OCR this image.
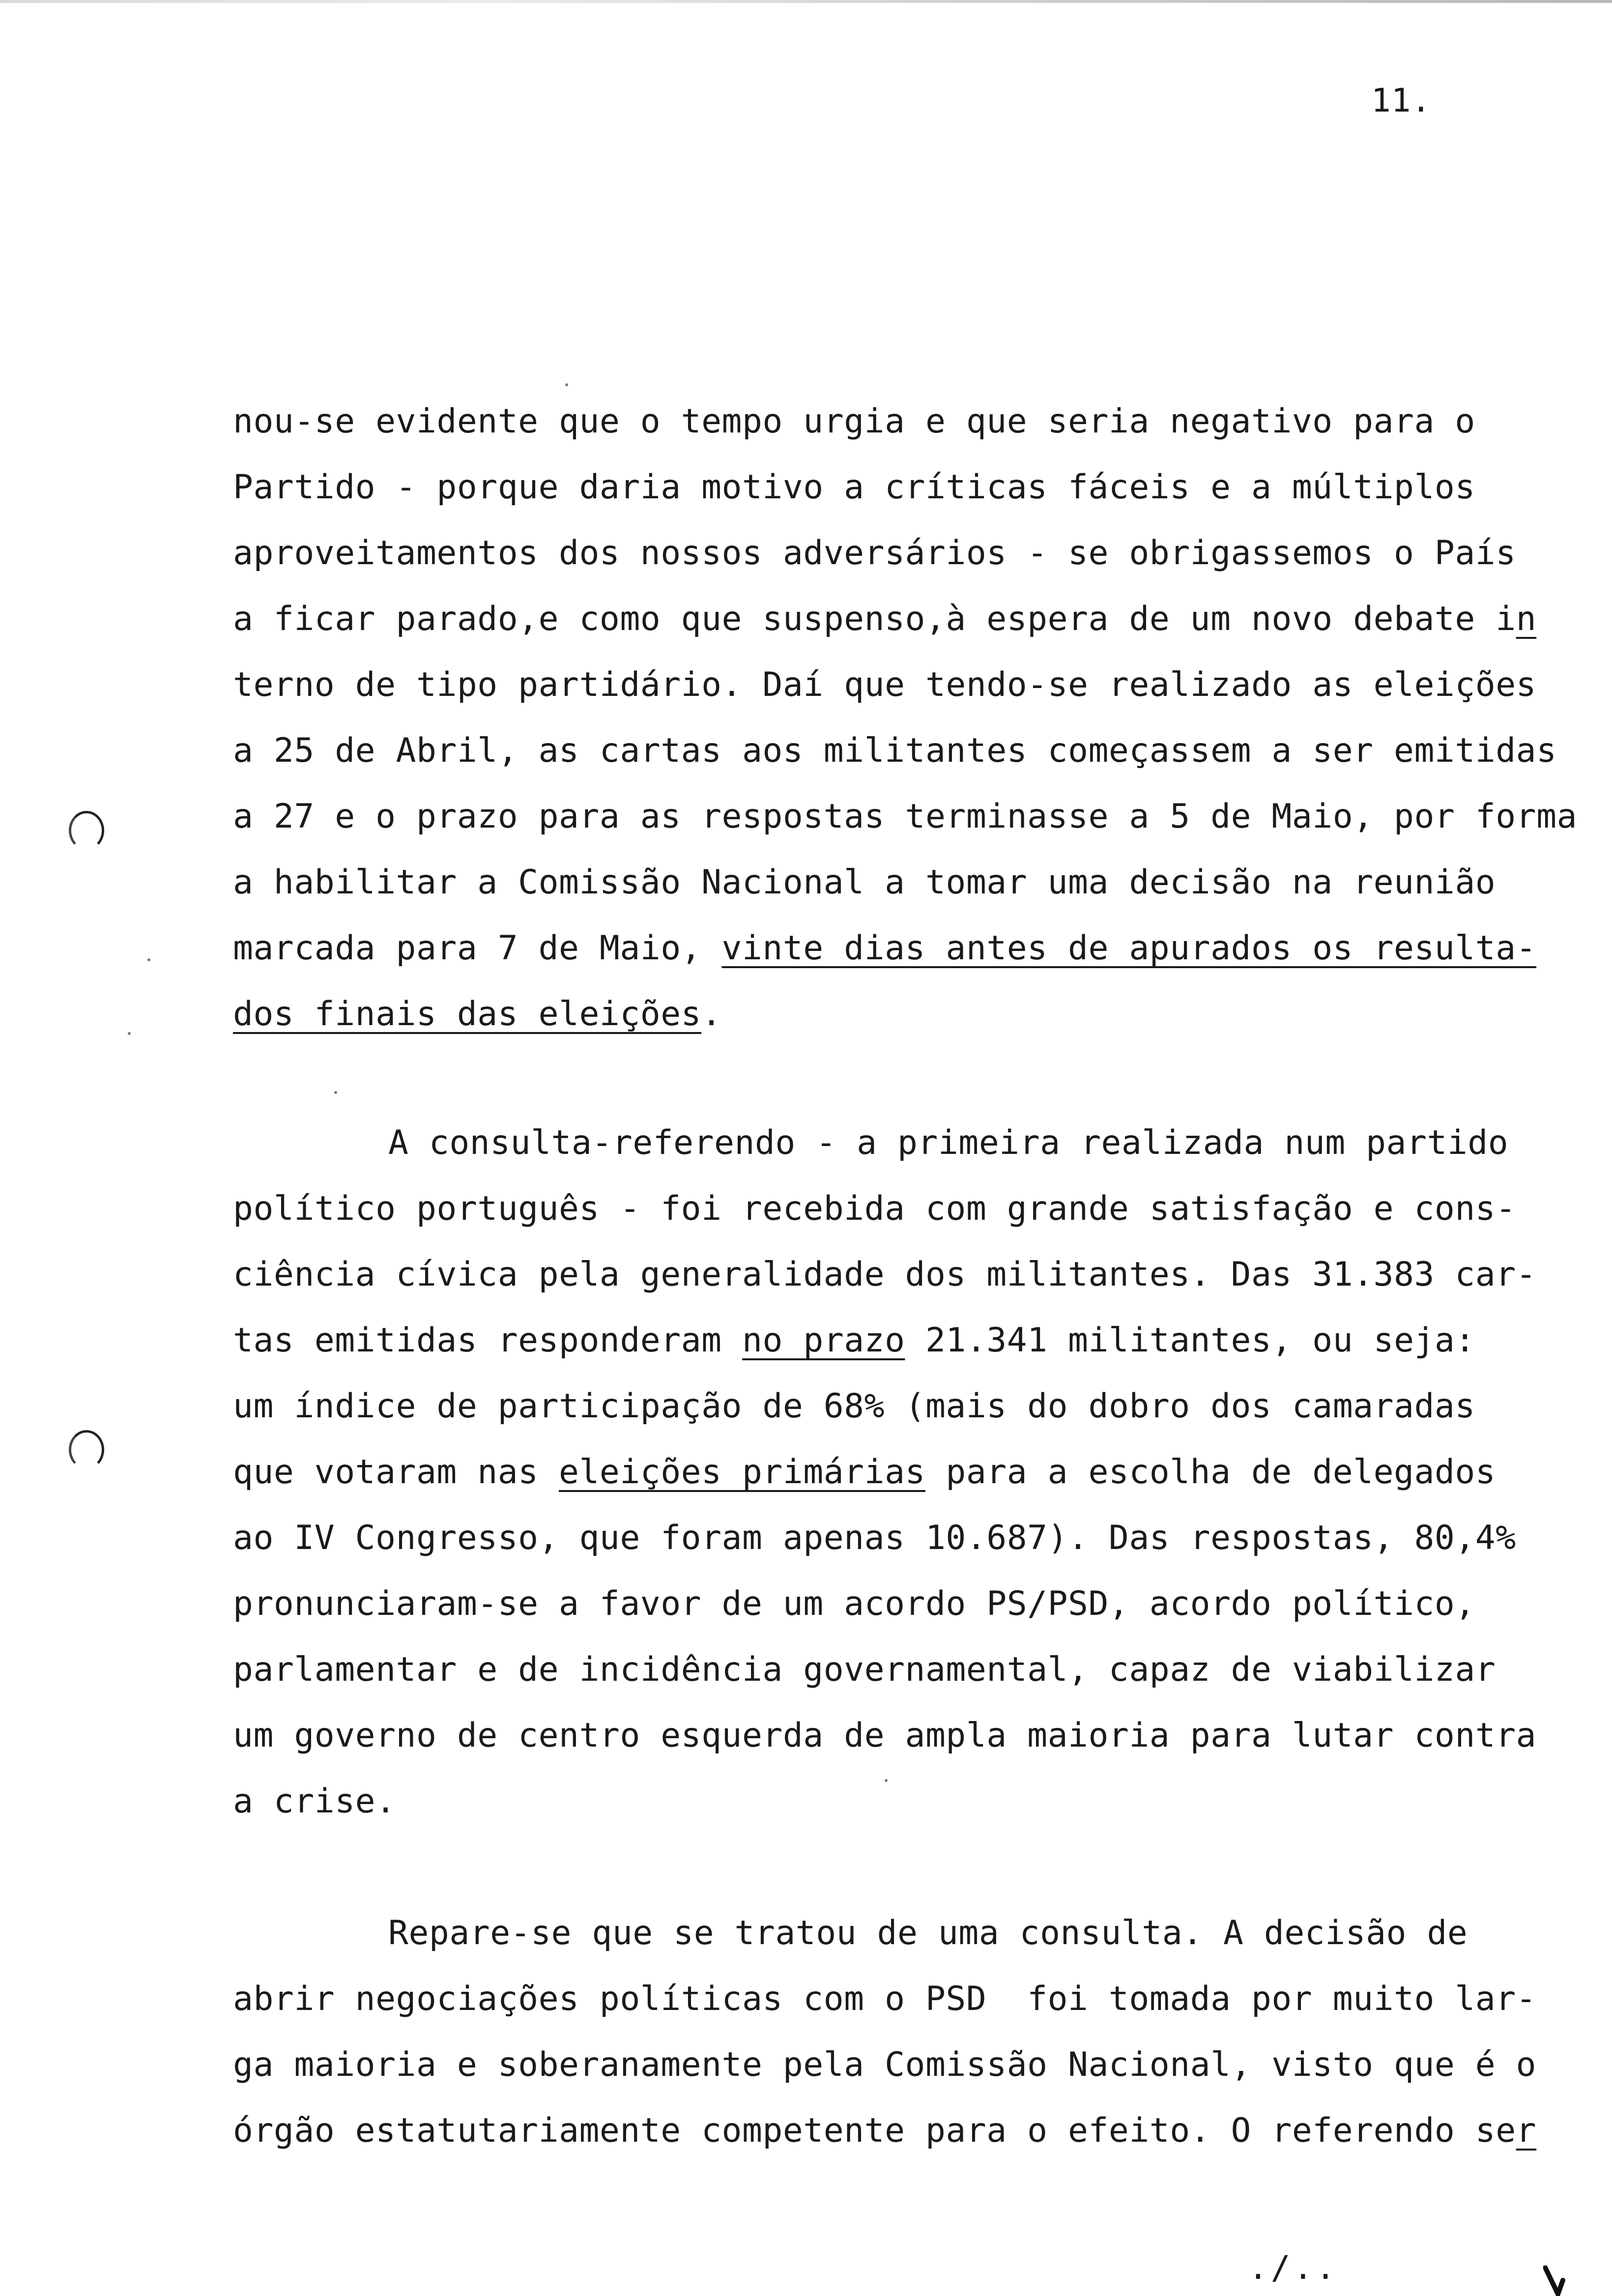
11.
nou-se evidente que o tempo urgia e que seria negativo para o
Partido - porque daria motivo a críticas fáceis e a múltiplos
aproveitamentos dos nossos adversários - se obrigassemos o País
a ficar parado,e como que suspenso,à espera de um novo debate in
terno de tipo partidário. Daí que tendo-se realizado as eleições
a 25 de Abril, as cartas aos militantes começassem a ser emitidas
a 27 e o prazo para as respostas terminasse a 5 de Maio, por forma
a habilitar a Comissão Nacional a tomar uma decisão na reunião
marcada para 7 de Maio, vinte dias antes de apurados os resulta-
dos finais das eleições.
A consulta-referendo - a primeira realizada num partido
político português - foi recebida com grande satisfação e cons-
ciência cívica pela generalidade dos militantes. Das 31.383 car-
tas emitidas responderam no prazo 21.341 militantes, ou seja:
um índice de participação de 68% (mais do dobro dos camaradas
que votaram nas eleições primárias para a escolha de delegados
ao IV Congresso, que foram apenas 10.687). Das respostas, 80,4%
pronunciaram-se a favor de um acordo PS/PSD, acordo político,
parlamentar e de incidência governamental, capaz de viabilizar
um governo de centro esquerda de ampla maioria para lutar contra
a crise.
Repare-se que se tratou de uma consulta. A decisão de
abrir negociações políticas com o PSD  foi tomada por muito lar-
ga maioria e soberanamente pela Comissão Nacional, visto que é o
órgão estatutariamente competente para o efeito. O referendo ser
./..
